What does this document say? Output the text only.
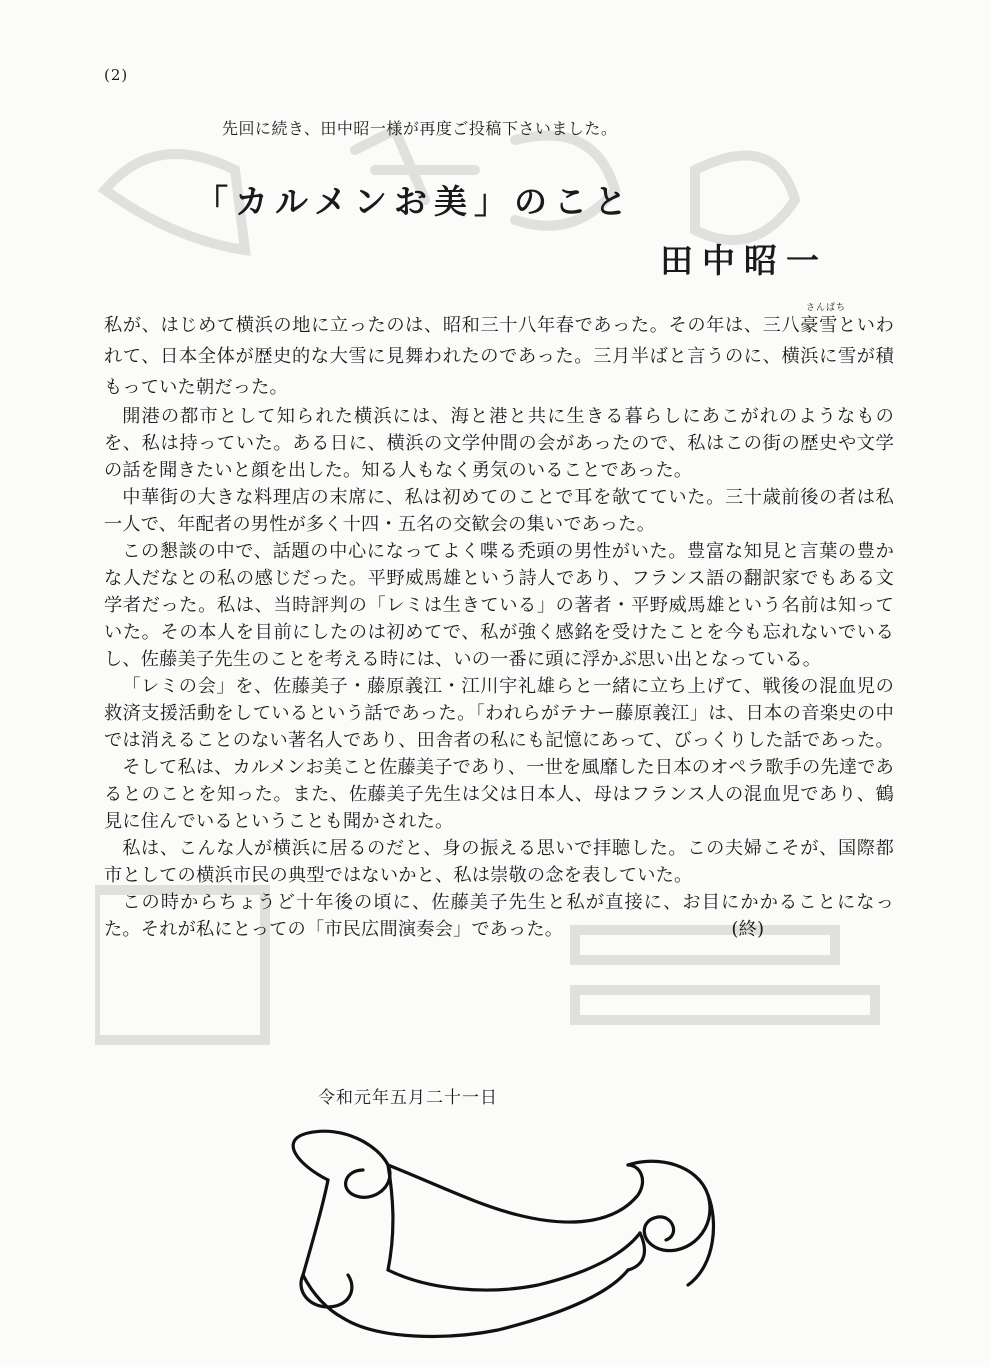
(2)
先回に続き、田中昭一様が再度ご投稿下さいました。
「カルメンお美」のこと
田中昭一
さんぱち

私が、はじめて横浜の地に立ったのは、昭和三十八年春であった。その年は、三八豪雪といわれて、日本全体が歴史的な大雪に見舞われたのであった。三月半ばと言うのに、横浜に雪が積もっていた朝だった。

開港の都市として知られた横浜には、海と港と共に生きる暮らしにあこがれのようなものを、私は持っていた。ある日に、横浜の文学仲間の会があったので、私はこの街の歴史や文学の話を聞きたいと顔を出した。知る人もなく勇気のいることであった。

中華街の大きな料理店の末席に、私は初めてのことで耳を欹てていた。三十歳前後の者は私一人で、年配者の男性が多く十四・五名の交歓会の集いであった。

この懇談の中で、話題の中心になってよく喋る禿頭の男性がいた。豊富な知見と言葉の豊かな人だなとの私の感じだった。平野威馬雄という詩人であり、フランス語の翻訳家でもある文学者だった。私は、当時評判の「レミは生きている」の著者・平野威馬雄という名前は知っていた。その本人を目前にしたのは初めてで、私が強く感銘を受けたことを今も忘れないでいるし、佐藤美子先生のことを考える時には、いの一番に頭に浮かぶ思い出となっている。

「レミの会」を、佐藤美子・藤原義江・江川宇礼雄らと一緒に立ち上げて、戦後の混血児の救済支援活動をしているという話であった。「われらがテナー藤原義江」は、日本の音楽史の中では消えることのない著名人であり、田舎者の私にも記憶にあって、びっくりした話であった。

そして私は、カルメンお美こと佐藤美子であり、一世を風靡した日本のオペラ歌手の先達であるとのことを知った。また、佐藤美子先生は父は日本人、母はフランス人の混血児であり、鶴見に住んでいるということも聞かされた。

私は、こんな人が横浜に居るのだと、身の振える思いで拝聴した。この夫婦こそが、国際都市としての横浜市民の典型ではないかと、私は崇敬の念を表していた。

この時からちょうど十年後の頃に、佐藤美子先生と私が直接に、お目にかかることになった。それが私にとっての「市民広間演奏会」であった。	(終)

令和元年五月二十一日
